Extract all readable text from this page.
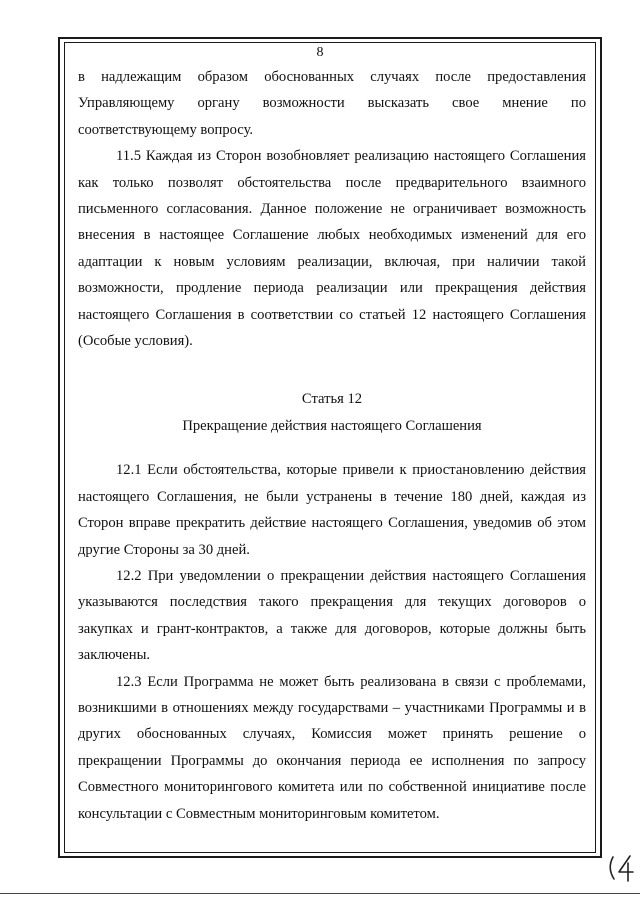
8

в надлежащим образом обоснованных случаях после предоставления Управляющему органу возможности высказать свое мнение по соответствующему вопросу.

11.5 Каждая из Сторон возобновляет реализацию настоящего Соглашения как только позволят обстоятельства после предварительного взаимного письменного согласования. Данное положение не ограничивает возможность внесения в настоящее Соглашение любых необходимых изменений для его адаптации к новым условиям реализации, включая, при наличии такой возможности, продление периода реализации или прекращения действия настоящего Соглашения в соответствии со статьей 12 настоящего Соглашения (Особые условия).

Статья 12

Прекращение действия настоящего Соглашения

12.1 Если обстоятельства, которые привели к приостановлению действия настоящего Соглашения, не были устранены в течение 180 дней, каждая из Сторон вправе прекратить действие настоящего Соглашения, уведомив об этом другие Стороны за 30 дней.

12.2 При уведомлении о прекращении действия настоящего Соглашения указываются последствия такого прекращения для текущих договоров о закупках и грант-контрактов, а также для договоров, которые должны быть заключены.

12.3 Если Программа не может быть реализована в связи с проблемами, возникшими в отношениях между государствами – участниками Программы и в других обоснованных случаях, Комиссия может принять решение о прекращении Программы до окончания периода ее исполнения по запросу Совместного мониторингового комитета или по собственной инициативе после консультации с Совместным мониторинговым комитетом.
